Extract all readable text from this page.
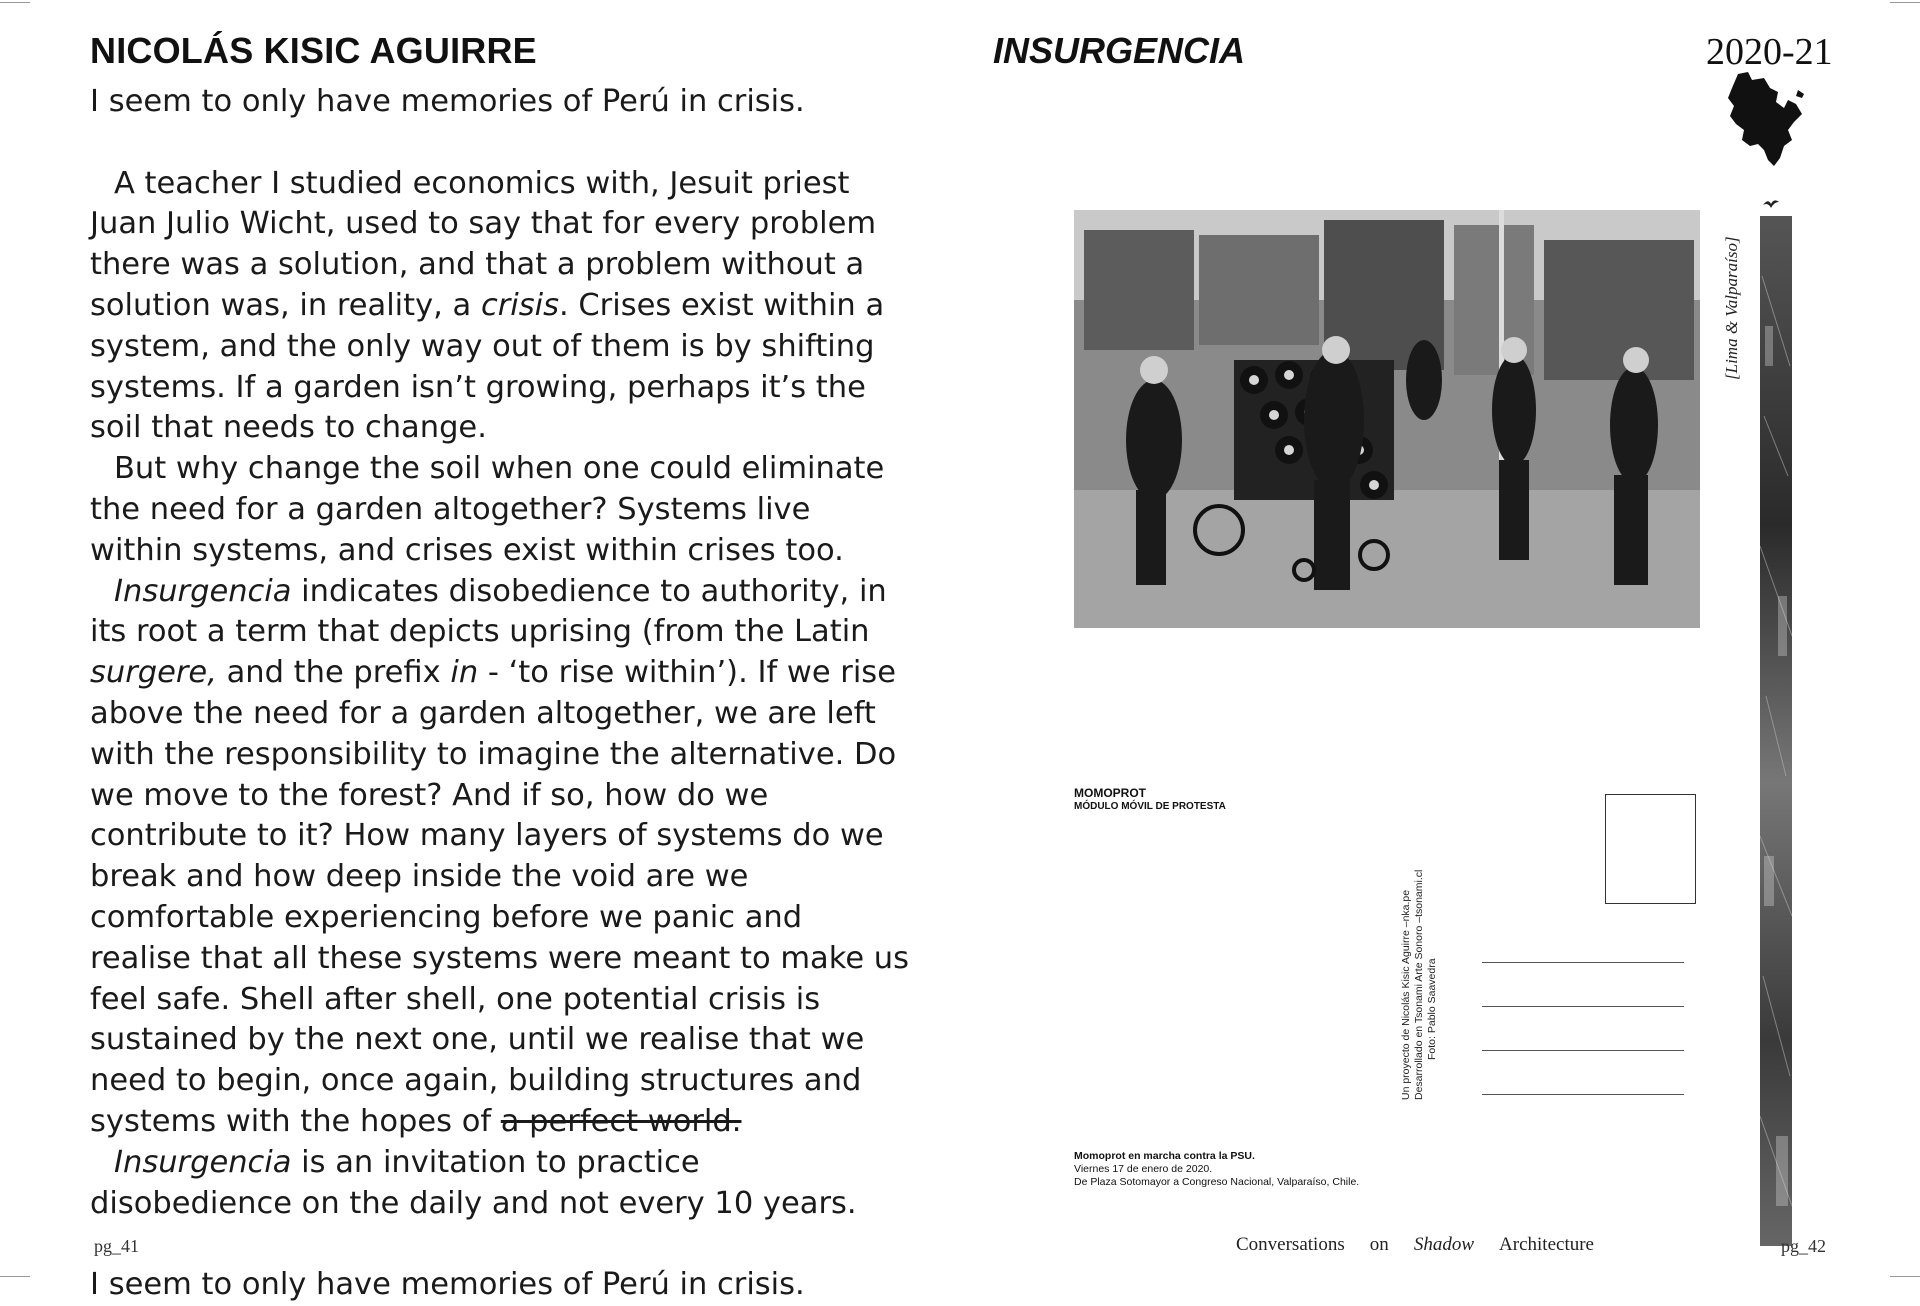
NICOLÁS KISIC AGUIRRE

I seem to only have memories of Perú in crisis.

A teacher I studied economics with, Jesuit priest Juan Julio Wicht, used to say that for every problem there was a solution, and that a problem without a solution was, in reality, a crisis. Crises exist within a system, and the only way out of them is by shifting systems. If a garden isn’t growing, perhaps it’s the soil that needs to change.

But why change the soil when one could eliminate the need for a garden altogether? Systems live within systems, and crises exist within crises too.

Insurgencia indicates disobedience to authority, in its root a term that depicts uprising (from the Latin surgere, and the prefix in - ‘to rise within’). If we rise above the need for a garden altogether, we are left with the responsibility to imagine the alternative. Do we move to the forest? And if so, how do we contribute to it? How many layers of systems do we break and how deep inside the void are we comfortable experiencing before we panic and realise that all these systems were meant to make us feel safe. Shell after shell, one potential crisis is sustained by the next one, until we realise that we need to begin, once again, building structures and systems with the hopes of a perfect world.

Insurgencia is an invitation to practice disobedience on the daily and not every 10 years.

I seem to only have memories of Perú in crisis.

pg_41
INSURGENCIA	2020-21
[Lima & Valparaíso]
MOMOPROT
MÓDULO MÓVIL DE PROTESTA
Un proyecto de Nicolás Kisic Aguirre –nka.pe Desarrollado en Tsonami Arte Sonoro –tsonami.cl Foto: Pablo Saavedra
Momoprot en marcha contra la PSU.
Viernes 17 de enero de 2020.
De Plaza Sotomayor a Congreso Nacional, Valparaíso, Chile.
Conversations on Shadow Architecture	pg_42
